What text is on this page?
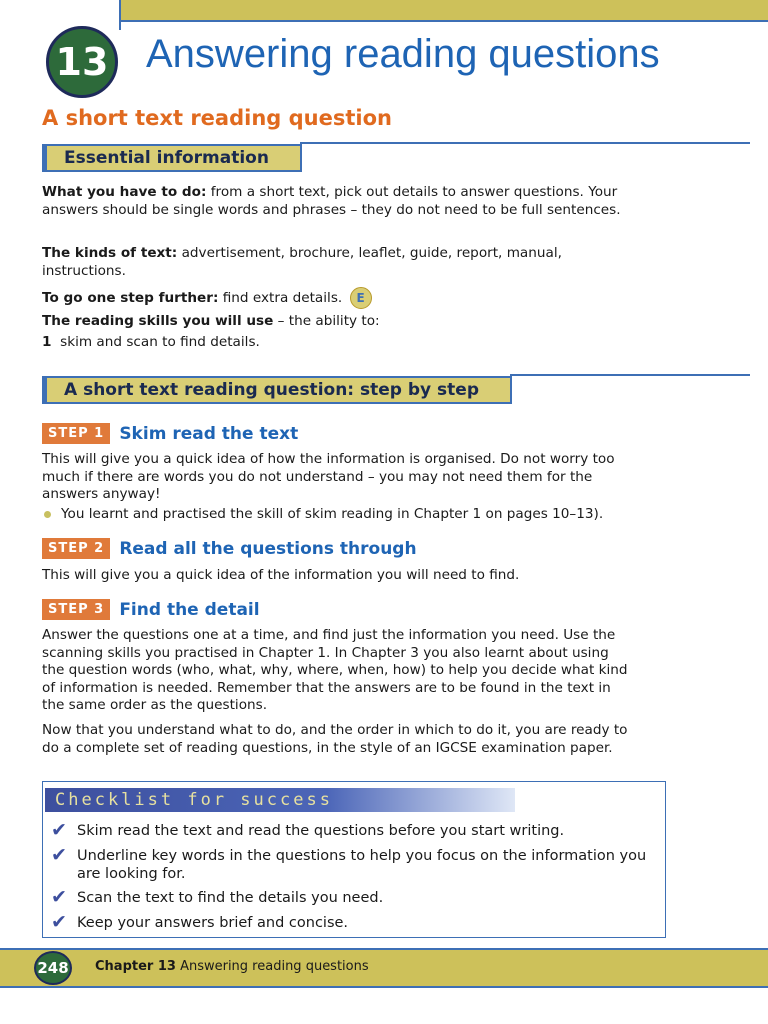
13 Answering reading questions
A short text reading question
Essential information
What you have to do: from a short text, pick out details to answer questions. Your answers should be single words and phrases – they do not need to be full sentences.
The kinds of text: advertisement, brochure, leaflet, guide, report, manual, instructions.
To go one step further: find extra details. E
The reading skills you will use – the ability to:
1 skim and scan to find details.
A short text reading question: step by step
STEP 1 Skim read the text
This will give you a quick idea of how the information is organised. Do not worry too much if there are words you do not understand – you may not need them for the answers anyway!
You learnt and practised the skill of skim reading in Chapter 1 on pages 10–13).
STEP 2 Read all the questions through
This will give you a quick idea of the information you will need to find.
STEP 3 Find the detail
Answer the questions one at a time, and find just the information you need. Use the scanning skills you practised in Chapter 1. In Chapter 3 you also learnt about using the question words (who, what, why, where, when, how) to help you decide what kind of information is needed. Remember that the answers are to be found in the text in the same order as the questions.
Now that you understand what to do, and the order in which to do it, you are ready to do a complete set of reading questions, in the style of an IGCSE examination paper.
Checklist for success
✔ Skim read the text and read the questions before you start writing.
✔ Underline key words in the questions to help you focus on the information you are looking for.
✔ Scan the text to find the details you need.
✔ Keep your answers brief and concise.
248 Chapter 13 Answering reading questions
